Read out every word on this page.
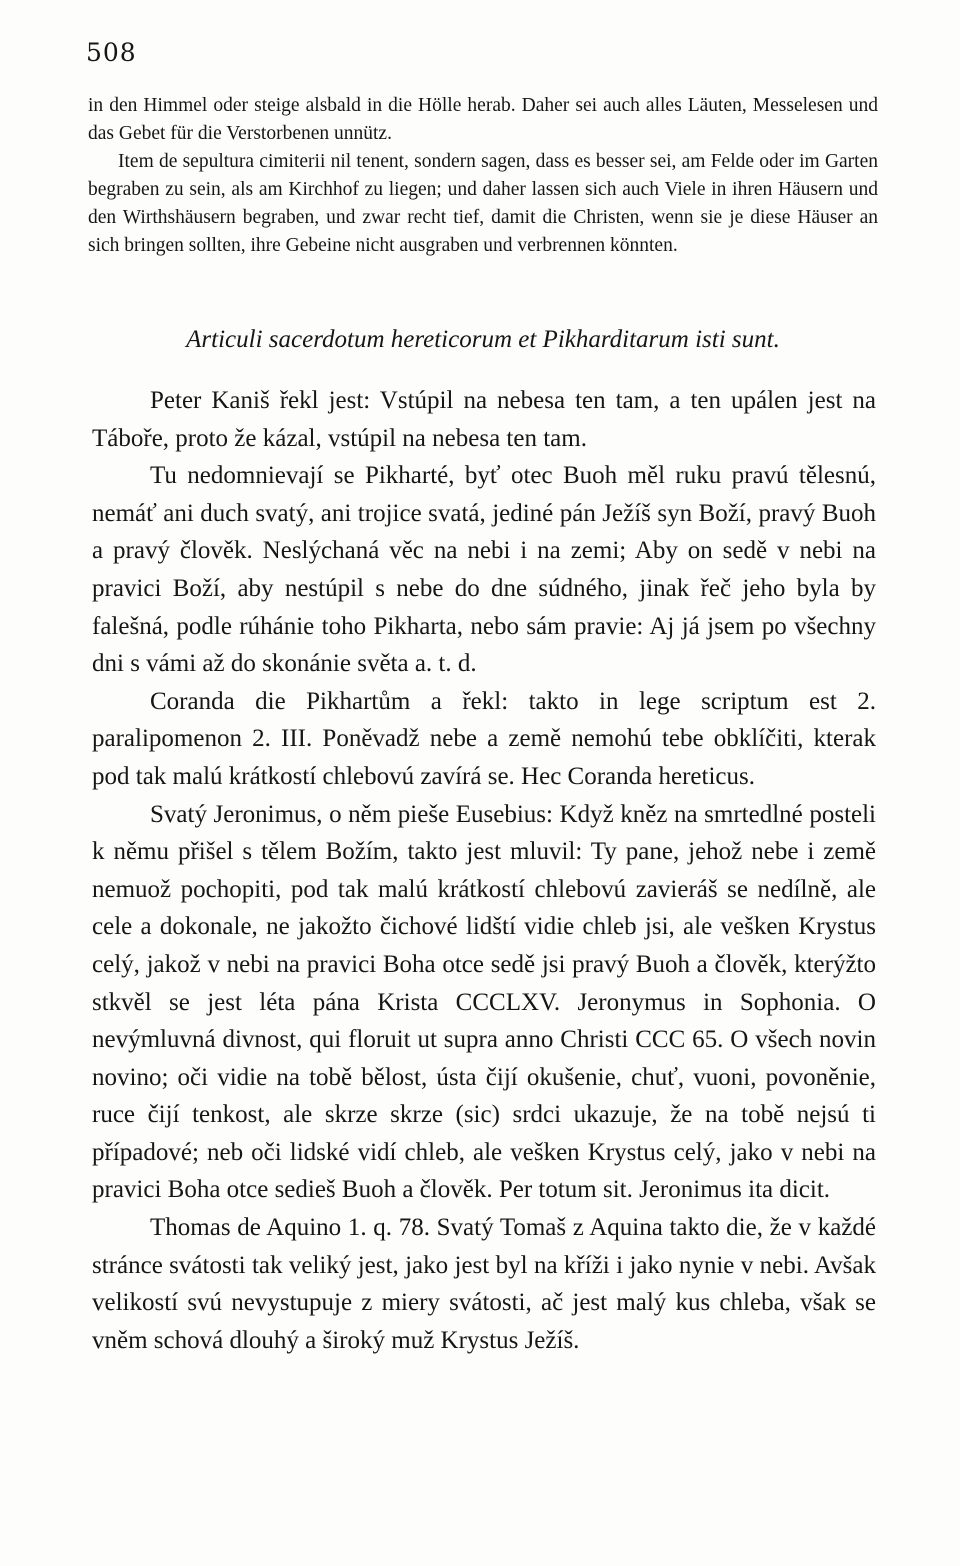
508

in den Himmel oder steige alsbald in die Hölle herab. Daher sei auch alles Läuten, Messelesen und das Gebet für die Verstorbenen unnütz.

Item de sepultura cimiterii nil tenent, sondern sagen, dass es besser sei, am Felde oder im Garten begraben zu sein, als am Kirchhof zu liegen; und daher lassen sich auch Viele in ihren Häusern und den Wirthshäusern begraben, und zwar recht tief, damit die Christen, wenn sie je diese Häuser an sich bringen sollten, ihre Gebeine nicht ausgraben und verbrennen könnten.

Articuli sacerdotum hereticorum et Pikharditarum isti sunt.

Peter Kaniš řekl jest: Vstúpil na nebesa ten tam, a ten upálen jest na Táboře, proto že kázal, vstúpil na nebesa ten tam.

Tu nedomnievají se Pikharté, byť otec Buoh měl ruku pravú tělesnú, nemáť ani duch svatý, ani trojice svatá, jediné pán Ježíš syn Boží, pravý Buoh a pravý člověk. Neslýchaná věc na nebi i na zemi; Aby on sedě v nebi na pravici Boží, aby nestúpil s nebe do dne súdného, jinak řeč jeho byla by falešná, podle rúhánie toho Pikharta, nebo sám pravie: Aj já jsem po všechny dni s vámi až do skonánie světa a. t. d.

Coranda die Pikhartům a řekl: takto in lege scriptum est 2. paralipomenon 2. III. Poněvadž nebe a země nemohú tebe obklíčiti, kterak pod tak malú krátkostí chlebovú zavírá se. Hec Coranda hereticus.

Svatý Jeronimus, o něm pieše Eusebius: Když kněz na smrtedlné posteli k němu přišel s tělem Božím, takto jest mluvil: Ty pane, jehož nebe i země nemuož pochopiti, pod tak malú krátkostí chlebovú zavieráš se nedílně, ale cele a dokonale, ne jakožto čichové lidští vidie chleb jsi, ale vešken Krystus celý, jakož v nebi na pravici Boha otce sedě jsi pravý Buoh a člověk, kterýžto stkvěl se jest léta pána Krista CCCLXV. Jeronymus in Sophonia. O nevýmluvná divnost, qui floruit ut supra anno Christi CCC 65. O všech novin novino; oči vidie na tobě bělost, ústa čijí okušenie, chuť, vuoni, povoněnie, ruce čijí tenkost, ale skrze skrze (sic) srdci ukazuje, že na tobě nejsú ti případové; neb oči lidské vidí chleb, ale vešken Krystus celý, jako v nebi na pravici Boha otce sedieš Buoh a člověk. Per totum sit. Jeronimus ita dicit.

Thomas de Aquino 1. q. 78. Svatý Tomaš z Aquina takto die, že v každé stránce svátosti tak veliký jest, jako jest byl na kříži i jako nynie v nebi. Avšak velikostí svú nevystupuje z miery svátosti, ač jest malý kus chleba, však se vněm schová dlouhý a široký muž Krystus Ježíš.
